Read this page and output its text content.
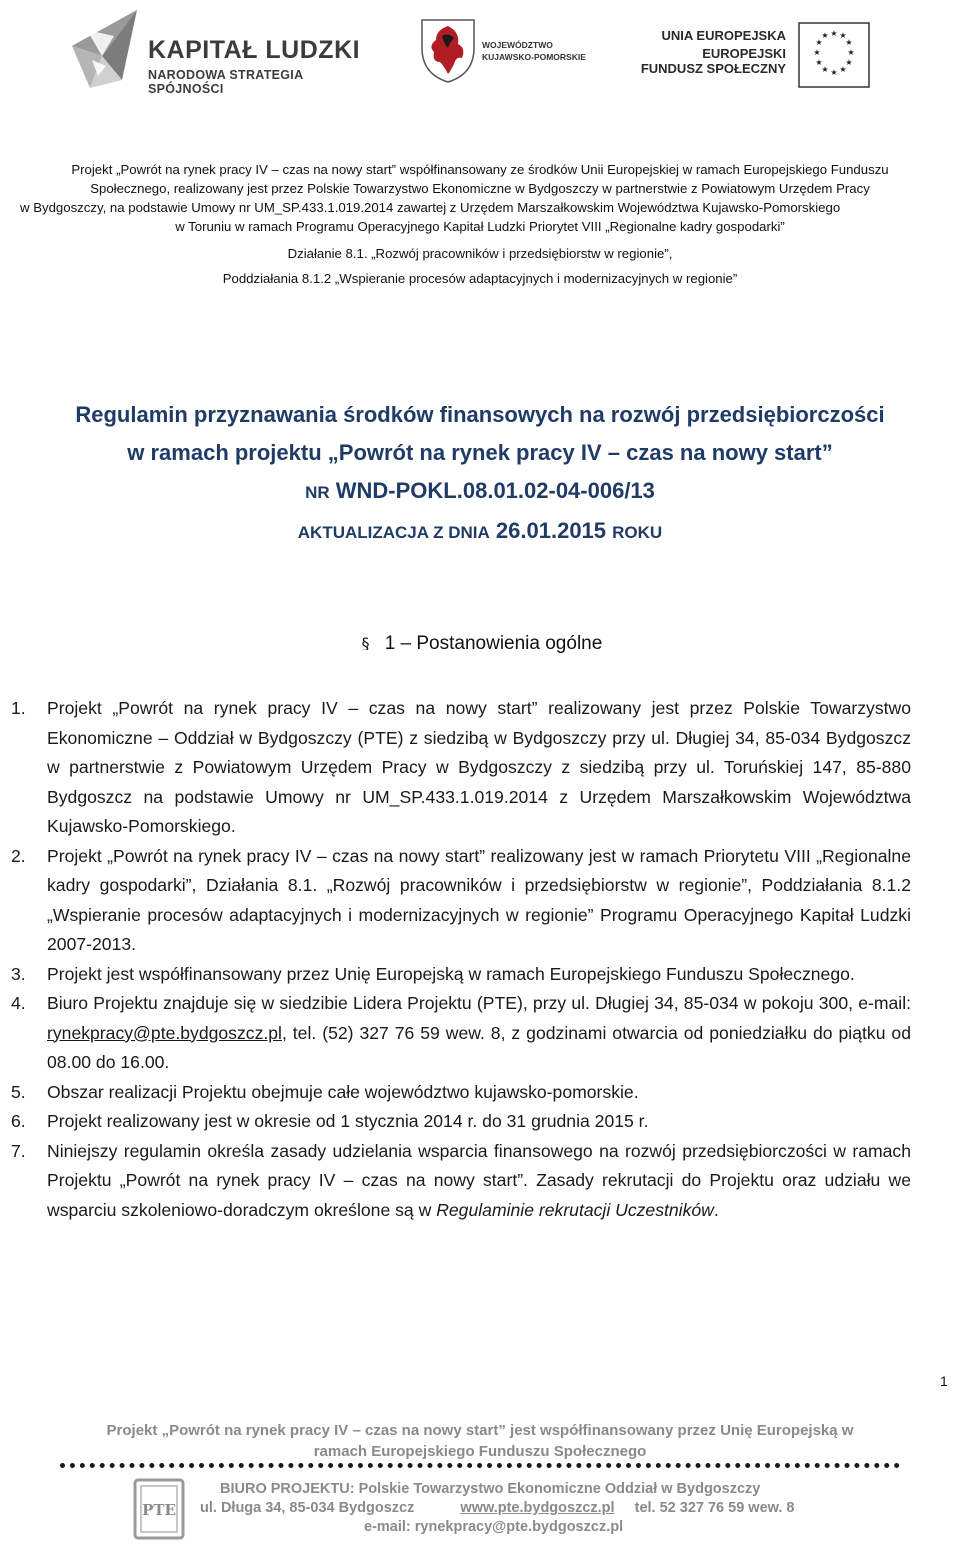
KAPITAŁ LUDZKI
NARODOWA STRATEGIA SPÓJNOŚCI
WOJEWÓDZTWO
KUJAWSKO-POMORSKIE
UNIA EUROPEJSKA
EUROPEJSKI
FUNDUSZ SPOŁECZNY
★ ★
★
★
★
★
★
★
★
★
★
★
Projekt „Powrót na rynek pracy IV – czas na nowy start” współfinansowany ze środków Unii Europejskiej w ramach Europejskiego Funduszu
Społecznego, realizowany jest przez Polskie Towarzystwo Ekonomiczne w Bydgoszczy w partnerstwie z Powiatowym Urzędem Pracy
w Bydgoszczy, na podstawie Umowy nr UM_SP.433.1.019.2014 zawartej z Urzędem Marszałkowskim Województwa Kujawsko-Pomorskiego
w Toruniu w ramach Programu Operacyjnego Kapitał Ludzki Priorytet VIII „Regionalne kadry gospodarki”
Działanie 8.1. „Rozwój pracowników i przedsiębiorstw w regionie”,
Poddziałania 8.1.2 „Wspieranie procesów adaptacyjnych i modernizacyjnych w regionie”
Regulamin przyznawania środków finansowych na rozwój przedsiębiorczości
w ramach projektu „Powrót na rynek pracy IV – czas na nowy start”
NR WND-POKL.08.01.02-04-006/13
AKTUALIZACJA Z DNIA 26.01.2015 ROKU
§ 1 – Postanowienia ogólne
1.	Projekt „Powrót na rynek pracy IV – czas na nowy start” realizowany jest przez Polskie Towarzystwo Ekonomiczne – Oddział w Bydgoszczy (PTE) z siedzibą w Bydgoszczy przy ul. Długiej 34, 85-034 Bydgoszcz w partnerstwie z Powiatowym Urzędem Pracy w Bydgoszczy z siedzibą przy ul. Toruńskiej 147, 85-880 Bydgoszcz na podstawie Umowy nr UM_SP.433.1.019.2014 z Urzędem Marszałkowskim Województwa Kujawsko-Pomorskiego.
2.	Projekt „Powrót na rynek pracy IV – czas na nowy start” realizowany jest w ramach Priorytetu VIII „Regionalne kadry gospodarki”, Działania 8.1. „Rozwój pracowników i przedsiębiorstw w regionie”, Poddziałania 8.1.2 „Wspieranie procesów adaptacyjnych i modernizacyjnych w regionie” Programu Operacyjnego Kapitał Ludzki 2007-2013.
3.	Projekt jest współfinansowany przez Unię Europejską w ramach Europejskiego Funduszu Społecznego.
4.	Biuro Projektu znajduje się w siedzibie Lidera Projektu (PTE), przy ul. Długiej 34, 85-034 w pokoju 300, e-mail: rynekpracy@pte.bydgoszcz.pl, tel. (52) 327 76 59 wew. 8, z godzinami otwarcia od poniedziałku do piątku od 08.00 do 16.00.
5.	Obszar realizacji Projektu obejmuje całe województwo kujawsko-pomorskie.
6.	Projekt realizowany jest w okresie od 1 stycznia 2014 r. do 31 grudnia 2015 r.
7.	Niniejszy regulamin określa zasady udzielania wsparcia finansowego na rozwój przedsiębiorczości w ramach Projektu „Powrót na rynek pracy IV – czas na nowy start”. Zasady rekrutacji do Projektu oraz udziału we wsparciu szkoleniowo-doradczym określone są w Regulaminie rekrutacji Uczestników.
1
Projekt „Powrót na rynek pracy IV – czas na nowy start” jest współfinansowany przez Unię Europejską w
ramach Europejskiego Funduszu Społecznego
PTE
BIURO PROJEKTU: Polskie Towarzystwo Ekonomiczne Oddział w Bydgoszczy
ul. Długa 34, 85-034 Bydgoszcz	www.pte.bydgoszcz.pl tel. 52 327 76 59 wew. 8
e-mail: rynekpracy@pte.bydgoszcz.pl
